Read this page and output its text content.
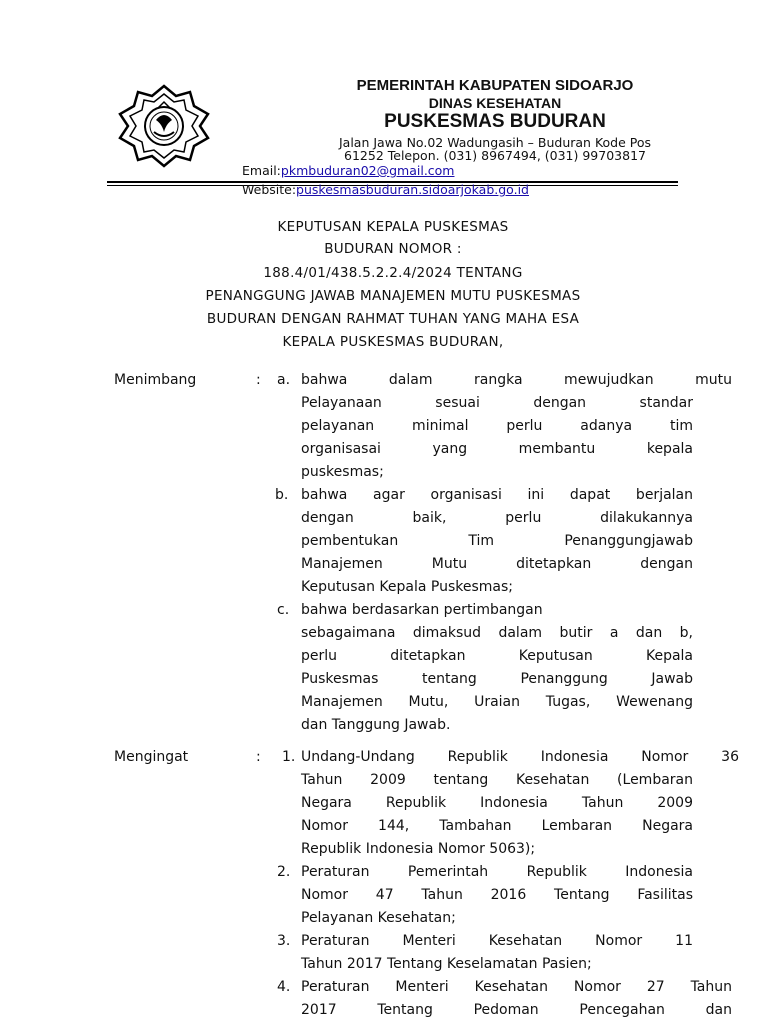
PEMERINTAH KABUPATEN SIDOARJO
DINAS KESEHATAN
PUSKESMAS BUDURAN
Jalan Jawa No.02 Wadungasih – Buduran Kode Pos
61252 Telepon. (031) 8967494, (031) 99703817
Email:pkmbuduran02@gmail.com
Website:puskesmasbuduran.sidoarjokab.go.id
KEPUTUSAN KEPALA PUSKESMAS
BUDURAN NOMOR :
188.4/01/438.5.2.2.4/2024 TENTANG
PENANGGUNG JAWAB MANAJEMEN MUTU PUSKESMAS
BUDURAN DENGAN RAHMAT TUHAN YANG MAHA ESA
KEPALA PUSKESMAS BUDURAN,
Menimbang	: a. bahwa dalam rangka mewujudkan mutu
Pelayanaan sesuai dengan standar
pelayanan minimal perlu adanya tim
organisasai yang membantu kepala
puskesmas;
b. bahwa agar organisasi ini dapat berjalan
dengan baik, perlu dilakukannya
pembentukan Tim Penanggungjawab
Manajemen Mutu ditetapkan dengan
Keputusan Kepala Puskesmas;
c. bahwa berdasarkan pertimbangan
sebagaimana dimaksud dalam butir a dan b,
perlu ditetapkan Keputusan Kepala
Puskesmas tentang Penanggung Jawab
Manajemen Mutu, Uraian Tugas, Wewenang
dan Tanggung Jawab.
Mengingat	: 1. Undang-Undang Republik Indonesia Nomor 36
Tahun 2009 tentang Kesehatan (Lembaran
Negara Republik Indonesia Tahun 2009
Nomor 144, Tambahan Lembaran Negara
Republik Indonesia Nomor 5063);
2. Peraturan Pemerintah Republik Indonesia
Nomor 47 Tahun 2016 Tentang Fasilitas
Pelayanan Kesehatan;
3. Peraturan Menteri Kesehatan Nomor 11
Tahun 2017 Tentang Keselamatan Pasien;
4. Peraturan Menteri Kesehatan Nomor 27 Tahun
2017 Tentang Pedoman Pencegahan dan
